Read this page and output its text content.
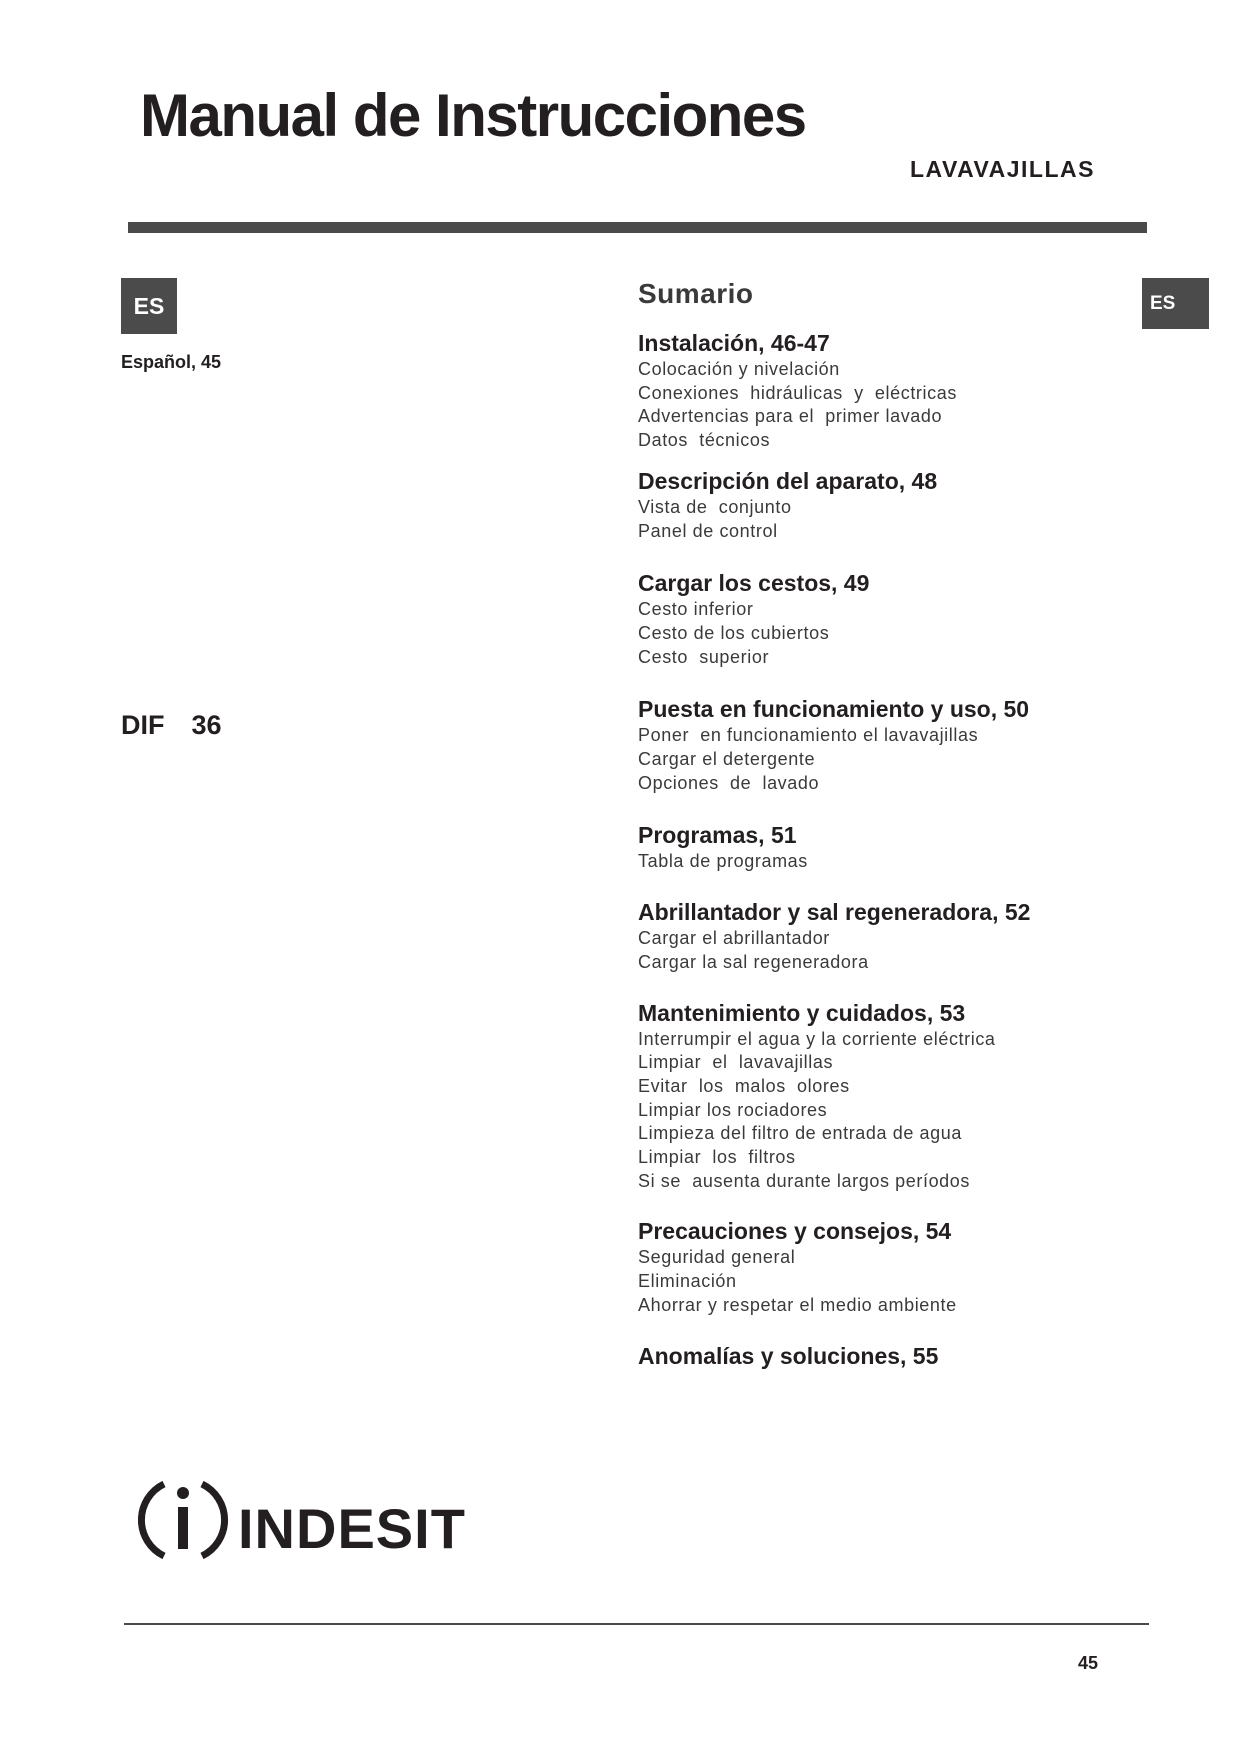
Manual de Instrucciones
LAVAVAJILLAS
ES
Español, 45
DIF  36
ES
Sumario
Instalación, 46-47
Colocación y nivelación
Conexiones  hidráulicas  y  eléctricas
Advertencias para el  primer lavado
Datos  técnicos
Descripción del aparato, 48
Vista de  conjunto
Panel de control
Cargar los cestos, 49
Cesto inferior
Cesto de los cubiertos
Cesto  superior
Puesta en funcionamiento y uso, 50
Poner  en funcionamiento el lavavajillas
Cargar el detergente
Opciones  de  lavado
Programas, 51
Tabla de programas
Abrillantador y sal regeneradora, 52
Cargar el abrillantador
Cargar la sal regeneradora
Mantenimiento y cuidados, 53
Interrumpir el agua y la corriente eléctrica
Limpiar  el  lavavajillas
Evitar  los  malos  olores
Limpiar los rociadores
Limpieza del filtro de entrada de agua
Limpiar  los  filtros
Si se  ausenta durante largos períodos
Precauciones y consejos, 54
Seguridad general
Eliminación
Ahorrar y respetar el medio ambiente
Anomalías y soluciones, 55
INDESIT
45
